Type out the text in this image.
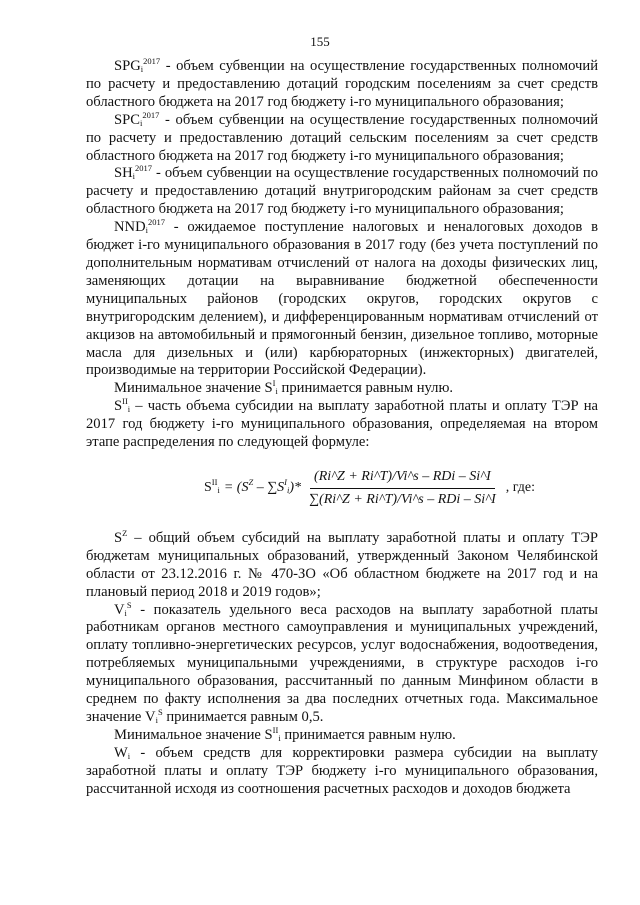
155

$SPG_i^{2017}$ - объем субвенции на осуществление государственных полномочий по расчету и предоставлению дотаций городским поселениям за счет средств областного бюджета на 2017 год бюджету i-го муниципального образования;

$SPC_i^{2017}$ - объем субвенции на осуществление государственных полномочий по расчету и предоставлению дотаций сельским поселениям за счет средств областного бюджета на 2017 год бюджету i-го муниципального образования;

$SH_i^{2017}$ - объем субвенции на осуществление государственных полномочий по расчету и предоставлению дотаций внутригородским районам за счет средств областного бюджета на 2017 год бюджету i-го муниципального образования;

$NND_i^{2017}$ - ожидаемое поступление налоговых и неналоговых доходов в бюджет i-го муниципального образования в 2017 году (без учета поступлений по дополнительным нормативам отчислений от налога на доходы физических лиц, заменяющих дотации на выравнивание бюджетной обеспеченности муниципальных районов (городских округов, городских округов с внутригородским делением), и дифференцированным нормативам отчислений от акцизов на автомобильный и прямогонный бензин, дизельное топливо, моторные масла для дизельных и (или) карбюраторных (инжекторных) двигателей, производимые на территории Российской Федерации).

Минимальное значение $S^I_i$ принимается равным нулю.

$S^{II}_i$ – часть объема субсидии на выплату заработной платы и оплату ТЭР на 2017 год бюджету i-го муниципального образования, определяемая на втором этапе распределения по следующей формуле:

$S^{II}_i = (S^Z - \sum S^I_i)* \frac{\text{(Ri\textasciicircum{}Z + Ri\textasciicircum{}T)/Vi\textasciicircum{}s – RDi – Si\textasciicircum{}I}}{\text{∑(Ri\textasciicircum{}Z + Ri\textasciicircum{}T)/Vi\textasciicircum{}s – RDi – Si\textasciicircum{}I}}$ , где:

$S^Z$ – общий объем субсидий на выплату заработной платы и оплату ТЭР бюджетам муниципальных образований, утвержденный Законом Челябинской области от 23.12.2016 г. № 470-ЗО «Об областном бюджете на 2017 год и на плановый период 2018 и 2019 годов»;

$V_i^S$ - показатель удельного веса расходов на выплату заработной платы работникам органов местного самоуправления и муниципальных учреждений, оплату топливно-энергетических ресурсов, услуг водоснабжения, водоотведения, потребляемых муниципальными учреждениями, в структуре расходов i-го муниципального образования, рассчитанный по данным Минфином области в среднем по факту исполнения за два последних отчетных года. Максимальное значение $V_i^S$ принимается равным 0,5.

Минимальное значение $S^{II}_i$ принимается равным нулю.

$W_i$ - объем средств для корректировки размера субсидии на выплату заработной платы и оплату ТЭР бюджету i-го муниципального образования, рассчитанной исходя из соотношения расчетных расходов и доходов бюджета
